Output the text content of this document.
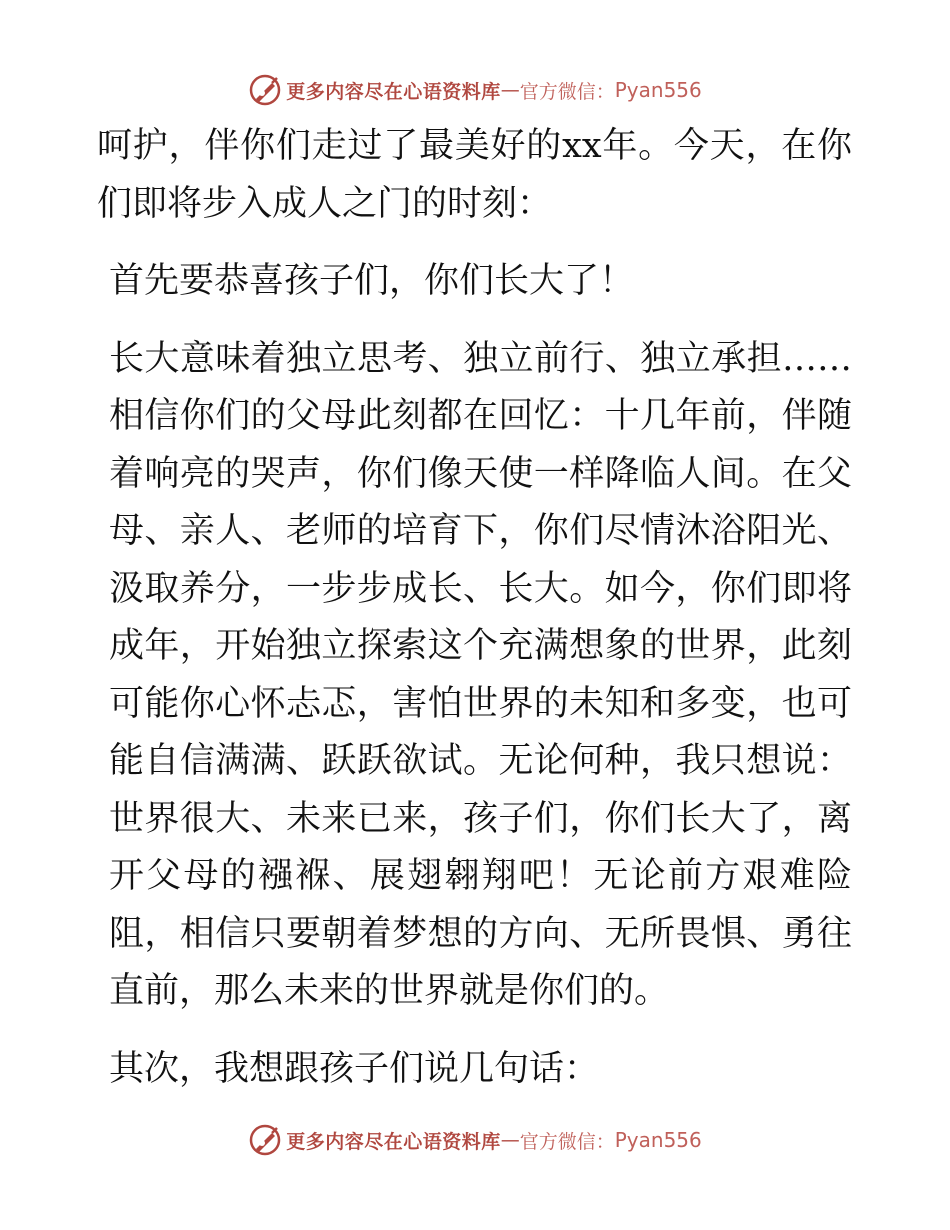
更多内容尽在心语资料库 — 官方微信： Pyan556

呵护，伴你们走过了最美好的xx年。今天，在你们即将步入成人之门的时刻：

首先要恭喜孩子们，你们长大了！

长大意味着独立思考、独立前行、独立承担……相信你们的父母此刻都在回忆：十几年前，伴随着响亮的哭声，你们像天使一样降临人间。在父母、亲人、老师的培育下，你们尽情沐浴阳光、汲取养分，一步步成长、长大。如今，你们即将成年，开始独立探索这个充满想象的世界，此刻可能你心怀忐忑，害怕世界的未知和多变，也可能自信满满、跃跃欲试。无论何种，我只想说：世界很大、未来已来，孩子们，你们长大了，离开父母的襁褓、展翅翱翔吧！无论前方艰难险阻，相信只要朝着梦想的方向、无所畏惧、勇往直前，那么未来的世界就是你们的。

其次，我想跟孩子们说几句话：

更多内容尽在心语资料库 — 官方微信： Pyan556
